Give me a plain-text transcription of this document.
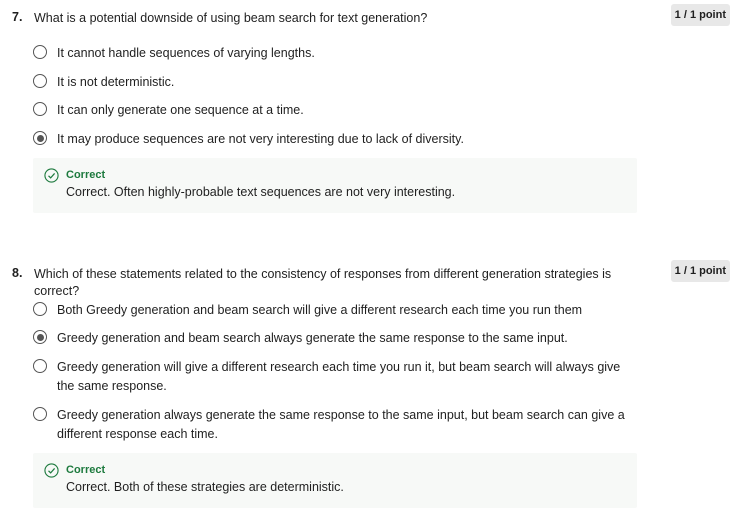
7. What is a potential downside of using beam search for text generation?	1 / 1 point
It cannot handle sequences of varying lengths.
It is not deterministic.
It can only generate one sequence at a time.
It may produce sequences are not very interesting due to lack of diversity.
Correct
Correct. Often highly-probable text sequences are not very interesting.
8. Which of these statements related to the consistency of responses from different generation strategies is correct?
1 / 1 point
Both Greedy generation and beam search will give a different research each time you run them
Greedy generation and beam search always generate the same response to the same input.
Greedy generation will give a different research each time you run it, but beam search will always give the same response.
Greedy generation always generate the same response to the same input, but beam search can give a different response each time.
Correct
Correct. Both of these strategies are deterministic.
